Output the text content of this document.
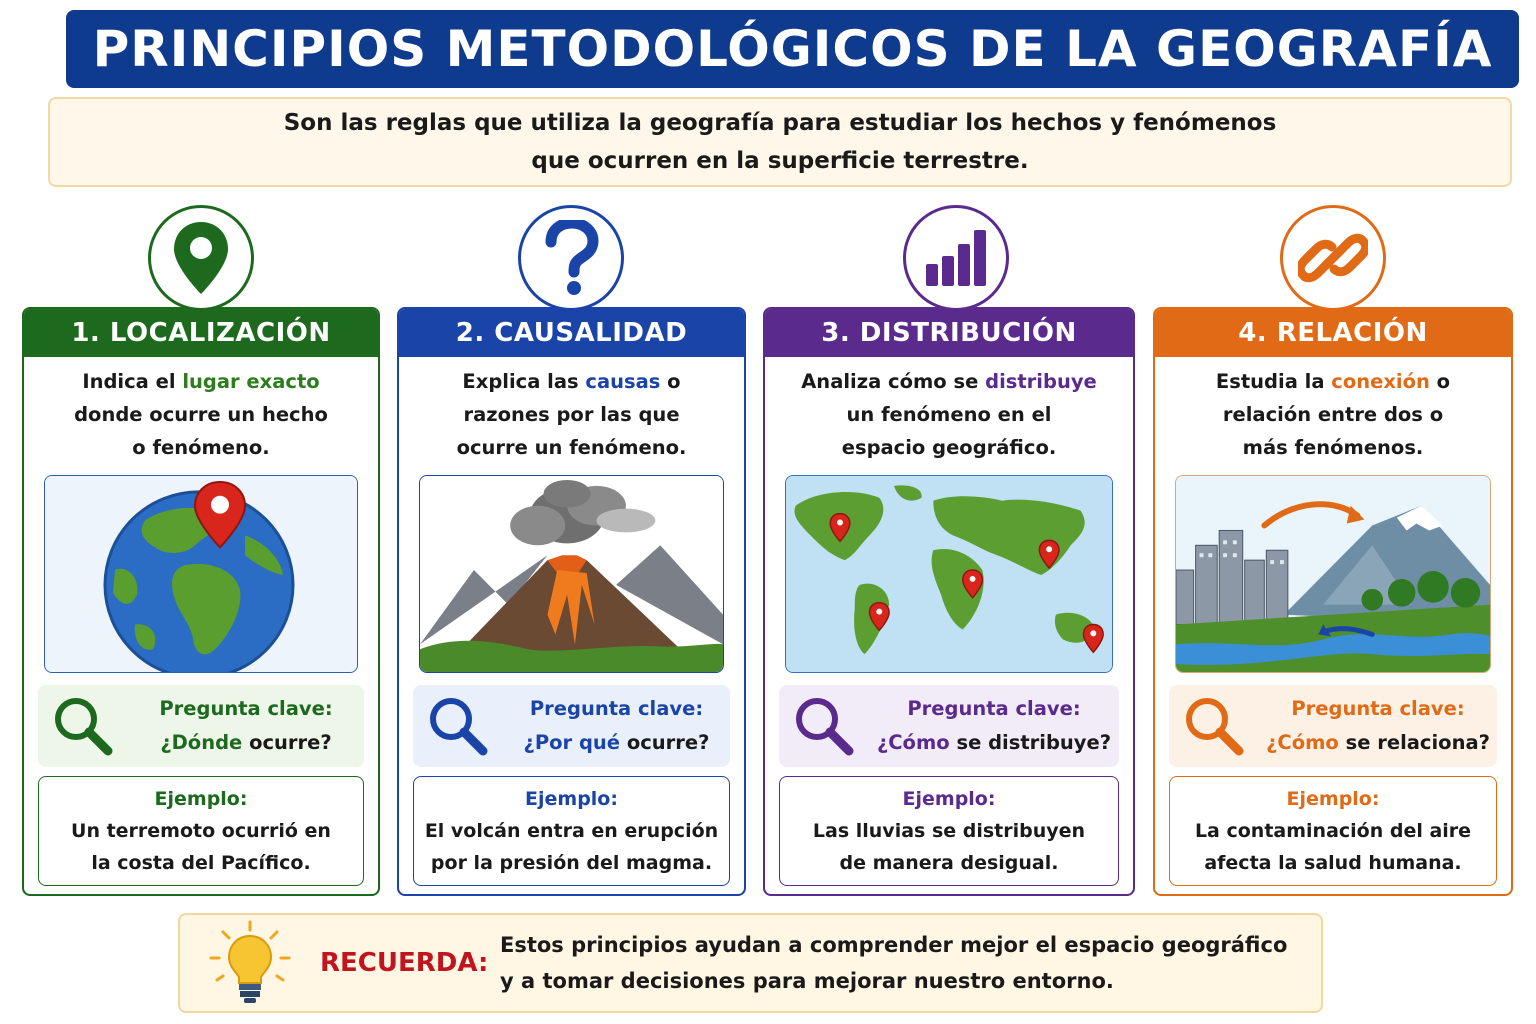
PRINCIPIOS METODOLÓGICOS DE LA GEOGRAFÍA
Son las reglas que utiliza la geografía para estudiar los hechos y fenómenos
que ocurren en la superficie terrestre.
1. LOCALIZACIÓN
Indica el lugar exacto
donde ocurre un hecho
o fenómeno.
Pregunta clave:
¿Dónde ocurre?
Ejemplo:
Un terremoto ocurrió en
la costa del Pacífico.
2. CAUSALIDAD
Explica las causas o
razones por las que
ocurre un fenómeno.
Pregunta clave:
¿Por qué ocurre?
Ejemplo:
El volcán entra en erupción
por la presión del magma.
3. DISTRIBUCIÓN
Analiza cómo se distribuye
un fenómeno en el
espacio geográfico.
Pregunta clave:
¿Cómo se distribuye?
Ejemplo:
Las lluvias se distribuyen
de manera desigual.
4. RELACIÓN
Estudia la conexión o
relación entre dos o
más fenómenos.
Pregunta clave:
¿Cómo se relaciona?
Ejemplo:
La contaminación del aire
afecta la salud humana.
RECUERDA:
Estos principios ayudan a comprender mejor el espacio geográfico
y a tomar decisiones para mejorar nuestro entorno.
